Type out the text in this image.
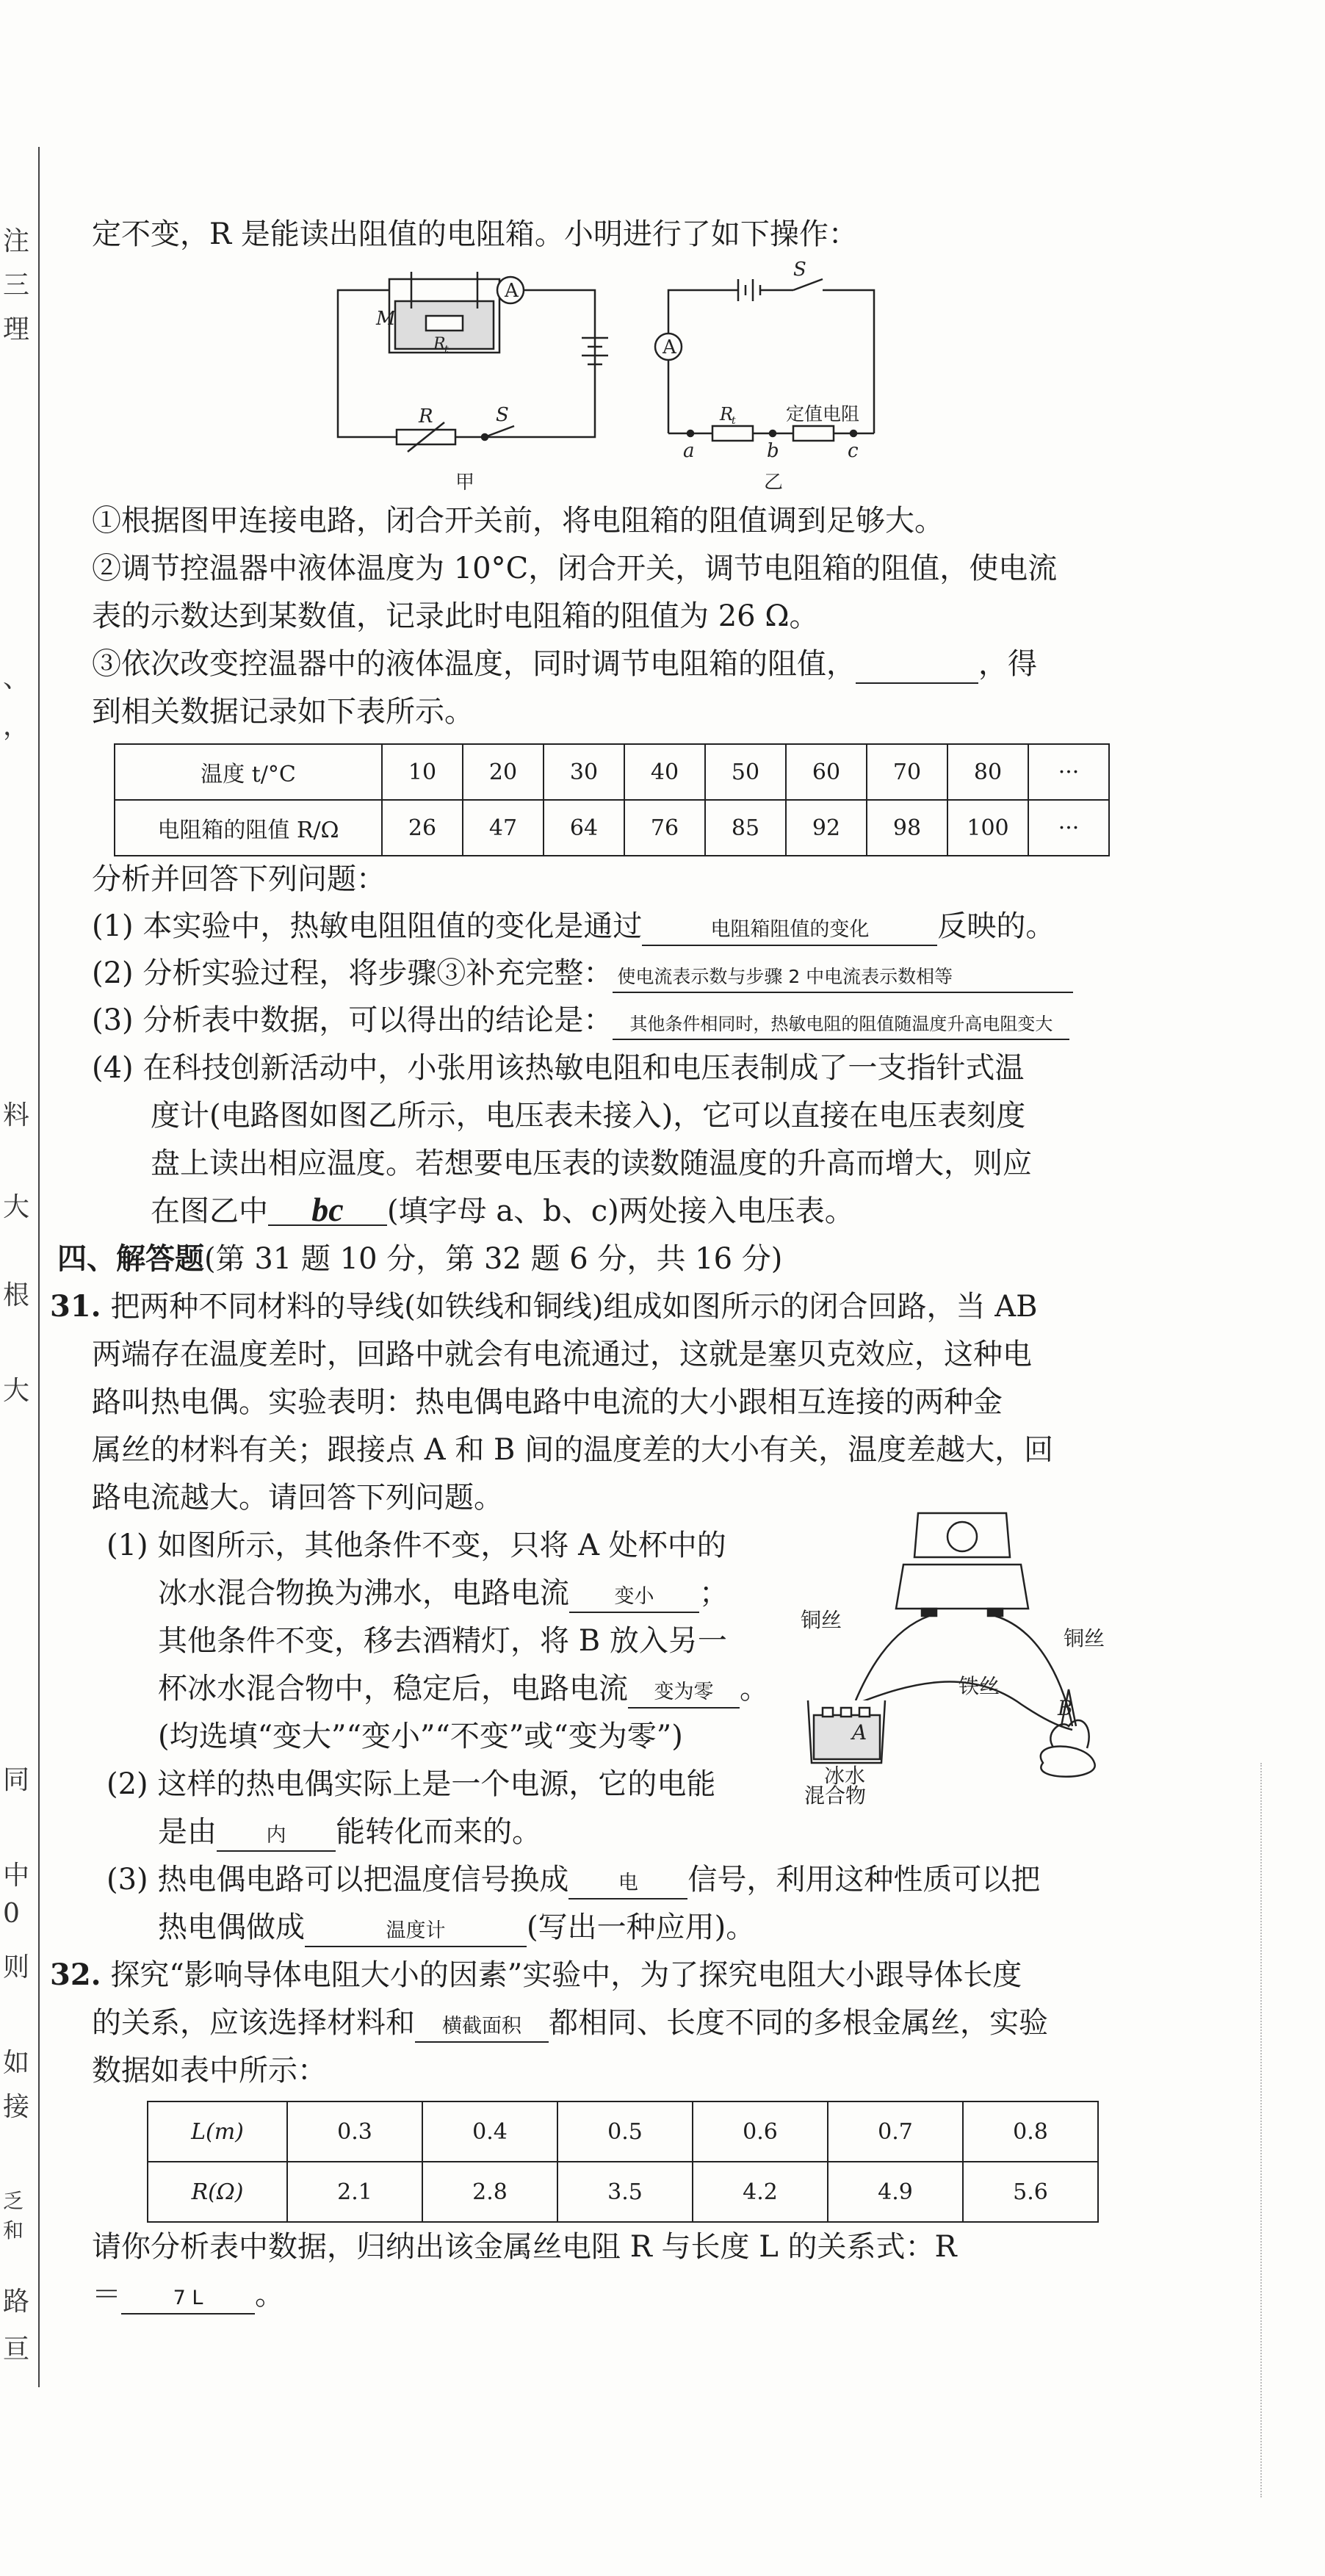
注
三
理
、
，
料
大
根
大
同
中
0
则
如
接
乏和
路
亘
定不变，R 是能读出阻值的电阻箱。小明进行了如下操作：
M
R
t
A
R	S
甲
S
A
R
t	定值电阻
a	b	c
乙
①根据图甲连接电路，闭合开关前，将电阻箱的阻值调到足够大。
②调节控温器中液体温度为 10°C，闭合开关，调节电阻箱的阻值，使电流
表的示数达到某数值，记录此时电阻箱的阻值为 26 Ω。
③依次改变控温器中的液体温度，同时调节电阻箱的阻值，	，得
到相关数据记录如下表所示。
温度 t/°C	10	20	30	40	50	60	70	80	···
电阻箱的阻值 R/Ω	26	47	64	76	85	92	98	100	···
分析并回答下列问题：
(1) 本实验中，热敏电阻阻值的变化是通过	电阻箱阻值的变化 反映的。
(2) 分析实验过程，将步骤③补充完整： 使电流表示数与步骤 2 中电流表示数相等
(3) 分析表中数据，可以得出的结论是： 其他条件相同时，热敏电阻的阻值随温度升高电阻变大
(4) 在科技创新活动中，小张用该热敏电阻和电压表制成了一支指针式温
度计(电路图如图乙所示，电压表未接入)，它可以直接在电压表刻度
盘上读出相应温度。若想要电压表的读数随温度的升高而增大，则应
在图乙中 bc (填字母 a、b、c)两处接入电压表。
四、解答题(第 31 题 10 分，第 32 题 6 分，共 16 分)
31. 把两种不同材料的导线(如铁线和铜线)组成如图所示的闭合回路，当 AB
两端存在温度差时，回路中就会有电流通过，这就是塞贝克效应，这种电
路叫热电偶。实验表明：热电偶电路中电流的大小跟相互连接的两种金
属丝的材料有关；跟接点 A 和 B 间的温度差的大小有关，温度差越大，回
路电流越大。请回答下列问题。
(1) 如图所示，其他条件不变，只将 A 处杯中的
冰水混合物换为沸水，电路电流 变小 ；
其他条件不变，移去酒精灯，将 B 放入另一
杯冰水混合物中，稳定后，电路电流 变为零 。
(均选填“变大”“变小”“不变”或“变为零”)
(2) 这样的热电偶实际上是一个电源，它的电能
是由	内 能转化而来的。
(3) 热电偶电路可以把温度信号换成	电 信号，利用这种性质可以把
热电偶做成	温度计	(写出一种应用)。
铜丝
铜丝
铁丝
A
B
冰水
混合物
32. 探究“影响导体电阻大小的因素”实验中，为了探究电阻大小跟导体长度
的关系，应该选择材料和 横截面积 都相同、长度不同的多根金属丝，实验
数据如表中所示：
L(m)	0.3	0.4	0.5	0.6	0.7	0.8
R(Ω)	2.1	2.8	3.5	4.2	4.9	5.6
请你分析表中数据，归纳出该金属丝电阻 R 与长度 L 的关系式：R
＝	7 L 。
